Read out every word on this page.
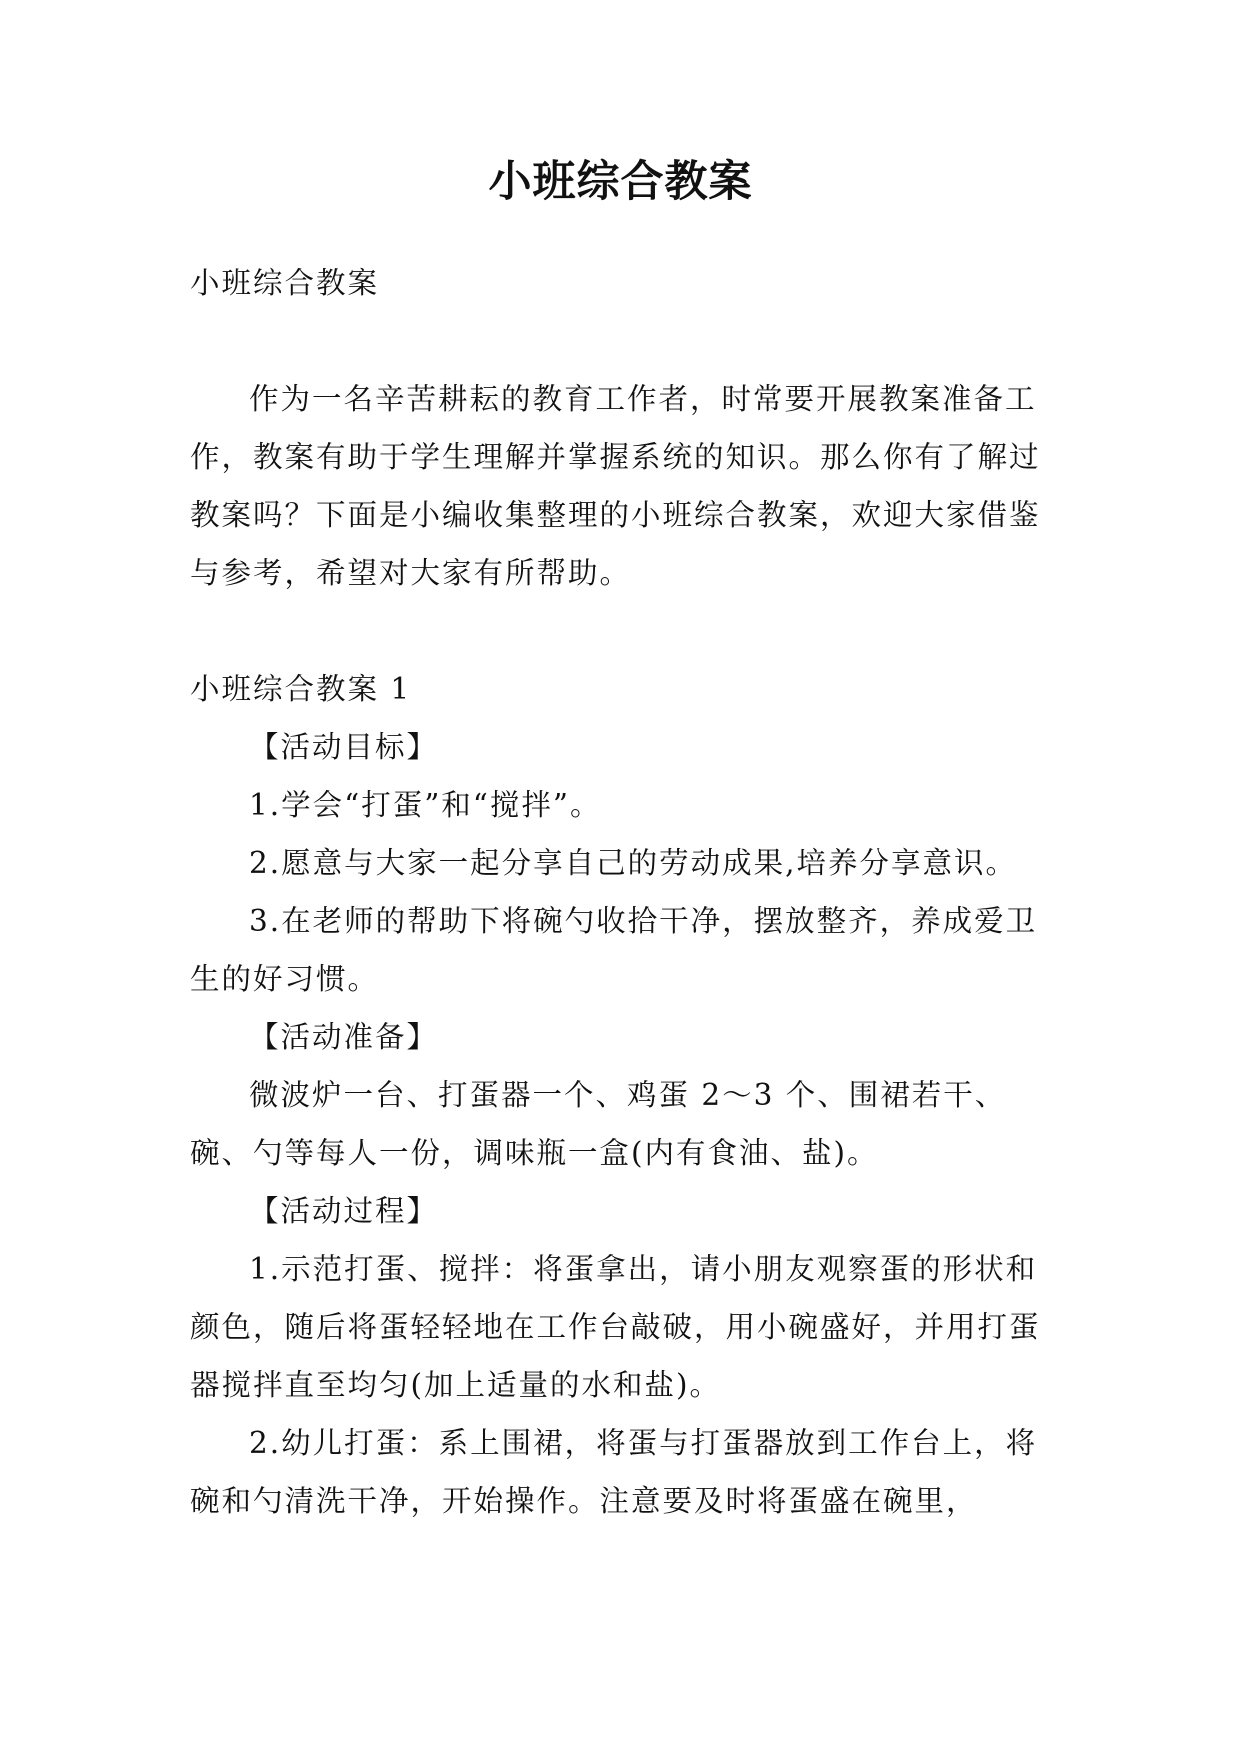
小班综合教案

小班综合教案

作为一名辛苦耕耘的教育工作者，时常要开展教案准备工作，教案有助于学生理解并掌握系统的知识。那么你有了解过教案吗？下面是小编收集整理的小班综合教案，欢迎大家借鉴与参考，希望对大家有所帮助。

小班综合教案 1

【活动目标】

1.学会“打蛋”和“搅拌”。

2.愿意与大家一起分享自己的劳动成果,培养分享意识。

3.在老师的帮助下将碗勺收拾干净，摆放整齐，养成爱卫生的好习惯。

【活动准备】

微波炉一台、打蛋器一个、鸡蛋 2～3 个、围裙若干、碗、勺等每人一份，调味瓶一盒(内有食油、盐)。

【活动过程】

1.示范打蛋、搅拌：将蛋拿出，请小朋友观察蛋的形状和颜色，随后将蛋轻轻地在工作台敲破，用小碗盛好，并用打蛋器搅拌直至均匀(加上适量的水和盐)。

2.幼儿打蛋：系上围裙，将蛋与打蛋器放到工作台上，将碗和勺清洗干净，开始操作。注意要及时将蛋盛在碗里，
